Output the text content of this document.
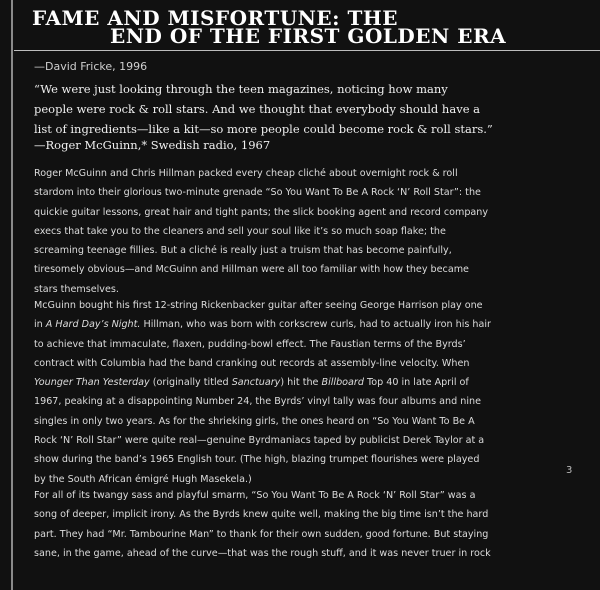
FAME AND MISFORTUNE: THE
END OF THE FIRST GOLDEN ERA
—David Fricke, 1996
“We were just looking through the teen magazines, noticing how many
people were rock & roll stars. And we thought that everybody should have a
list of ingredients—like a kit—so more people could become rock & roll stars.”
—Roger McGuinn,* Swedish radio, 1967
Roger McGuinn and Chris Hillman packed every cheap cliché about overnight rock & roll
stardom into their glorious two-minute grenade “So You Want To Be A Rock ‘N’ Roll Star”: the
quickie guitar lessons, great hair and tight pants; the slick booking agent and record company
execs that take you to the cleaners and sell your soul like it’s so much soap flake; the
screaming teenage fillies. But a cliché is really just a truism that has become painfully,
tiresomely obvious—and McGuinn and Hillman were all too familiar with how they became
stars themselves.
McGuinn bought his first 12-string Rickenbacker guitar after seeing George Harrison play one
in A Hard Day’s Night. Hillman, who was born with corkscrew curls, had to actually iron his hair
to achieve that immaculate, flaxen, pudding-bowl effect. The Faustian terms of the Byrds’
contract with Columbia had the band cranking out records at assembly-line velocity. When
Younger Than Yesterday (originally titled Sanctuary) hit the Billboard Top 40 in late April of
1967, peaking at a disappointing Number 24, the Byrds’ vinyl tally was four albums and nine
singles in only two years. As for the shrieking girls, the ones heard on “So You Want To Be A
Rock ‘N’ Roll Star” were quite real—genuine Byrdmaniacs taped by publicist Derek Taylor at a
show during the band’s 1965 English tour. (The high, blazing trumpet flourishes were played
by the South African émigré Hugh Masekela.)
3
For all of its twangy sass and playful smarm, “So You Want To Be A Rock ‘N’ Roll Star” was a
song of deeper, implicit irony. As the Byrds knew quite well, making the big time isn’t the hard
part. They had “Mr. Tambourine Man” to thank for their own sudden, good fortune. But staying
sane, in the game, ahead of the curve—that was the rough stuff, and it was never truer in rock
